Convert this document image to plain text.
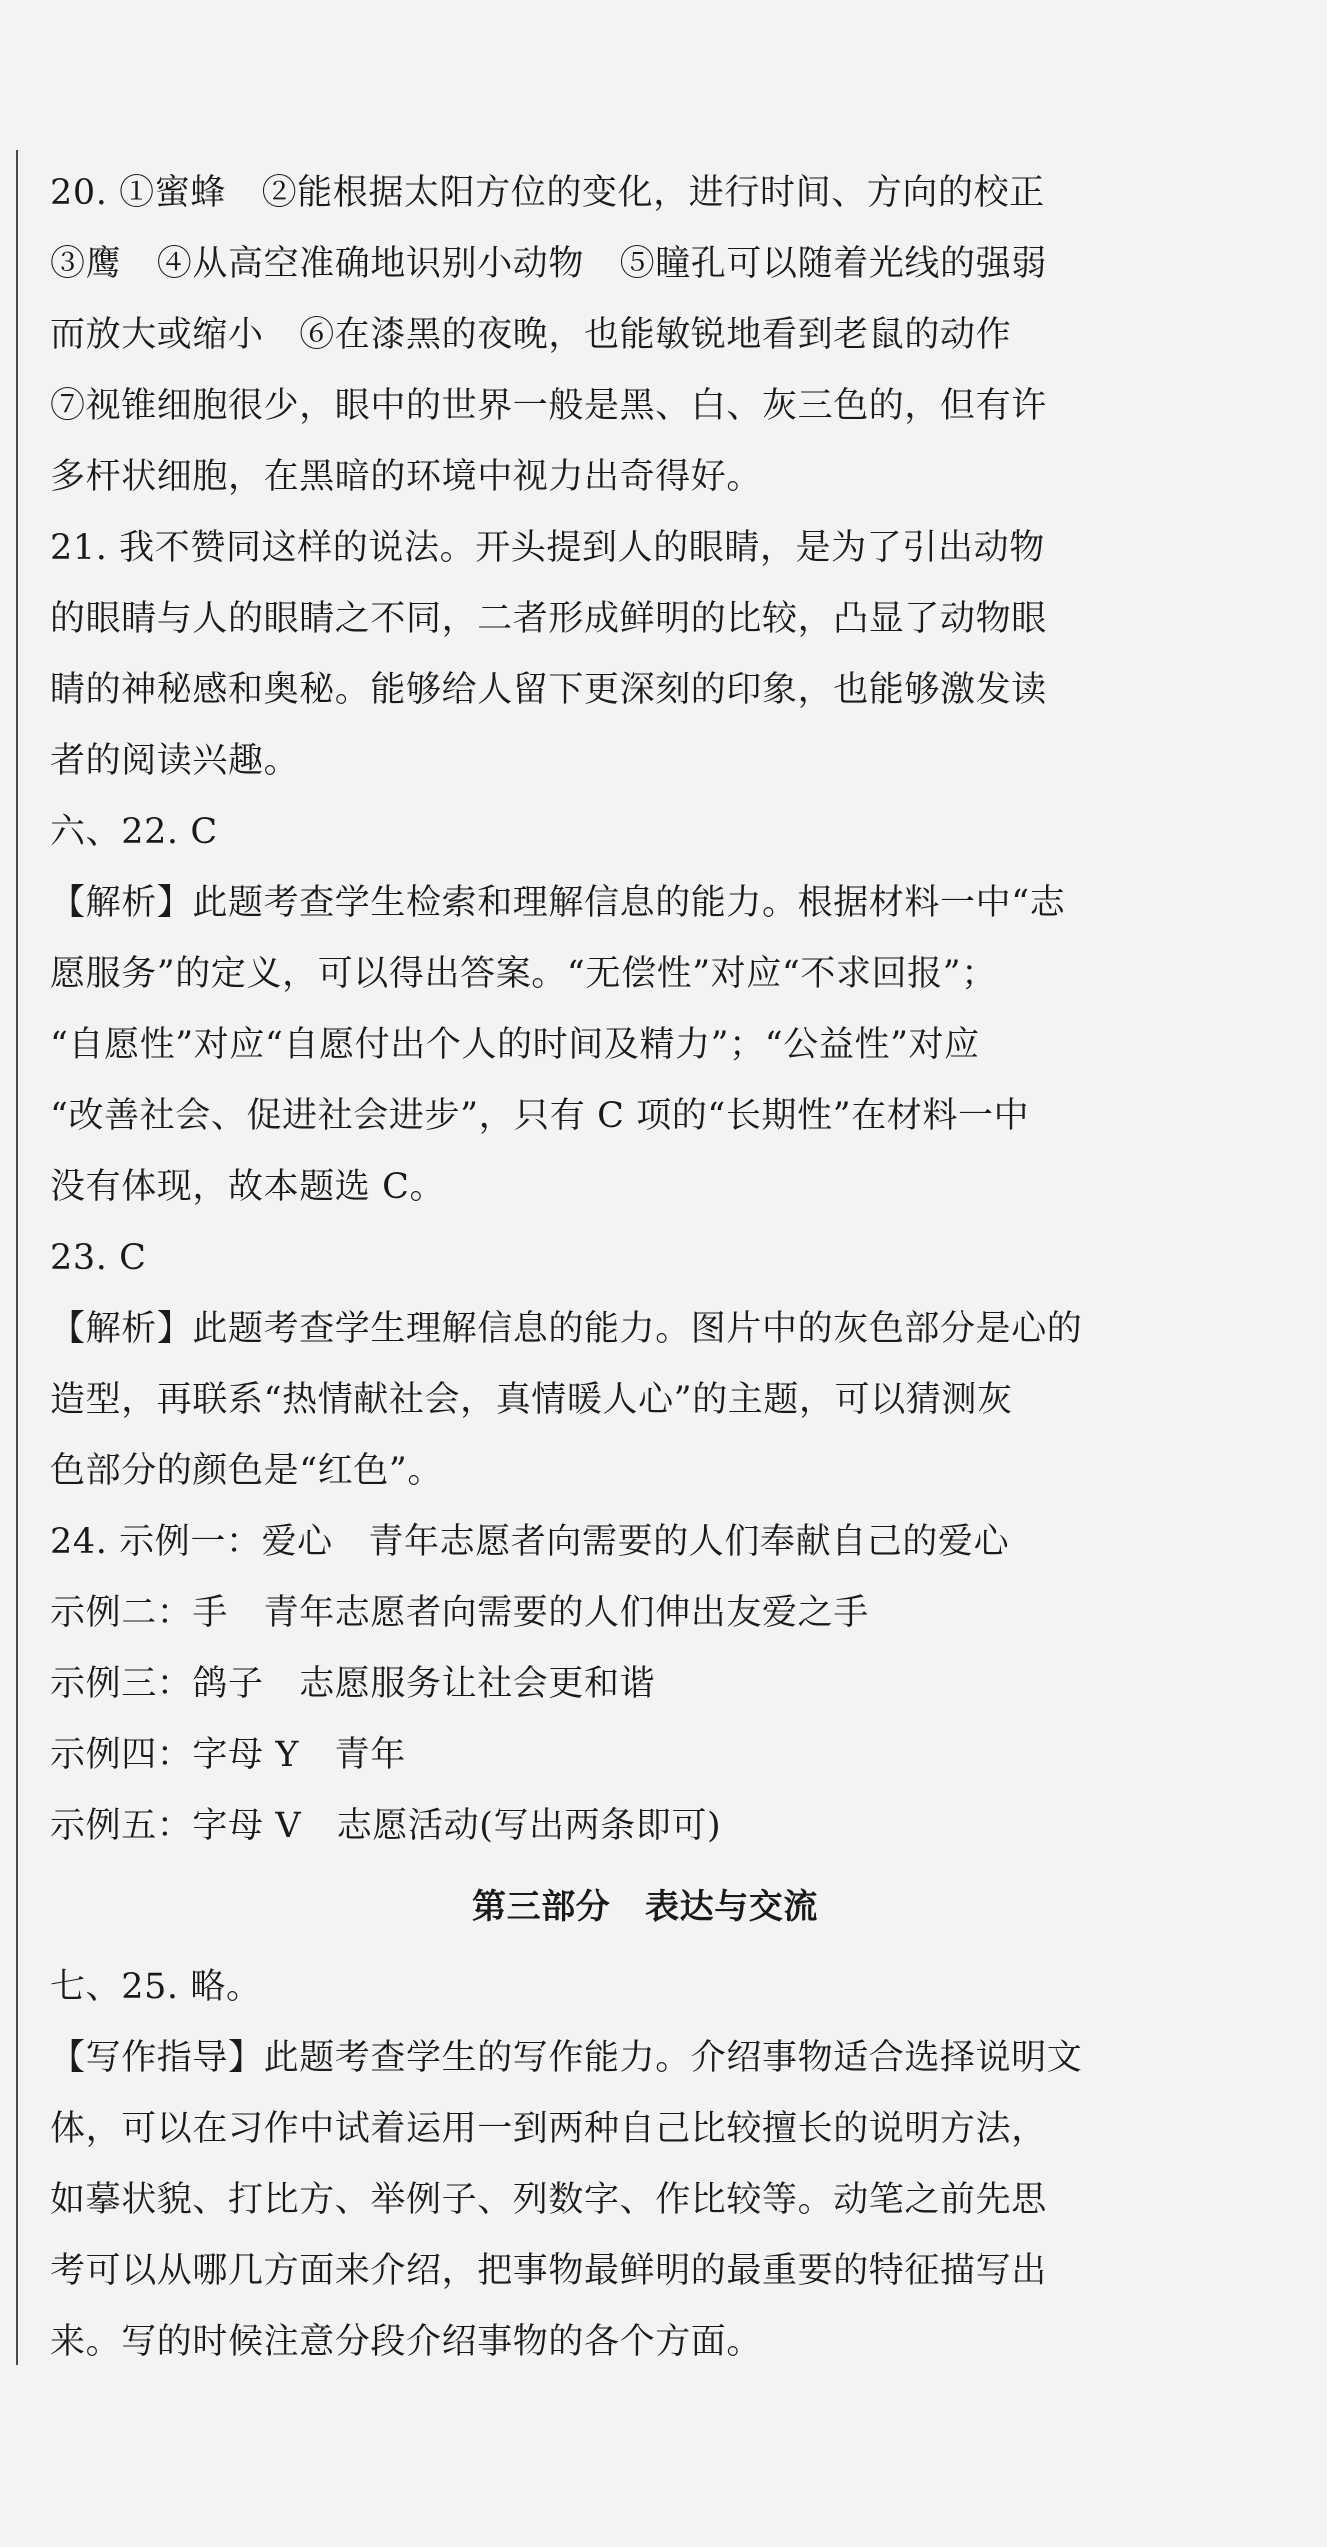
20. ①蜜蜂　②能根据太阳方位的变化，进行时间、方向的校正
③鹰　④从高空准确地识别小动物　⑤瞳孔可以随着光线的强弱
而放大或缩小　⑥在漆黑的夜晚，也能敏锐地看到老鼠的动作
⑦视锥细胞很少，眼中的世界一般是黑、白、灰三色的，但有许
多杆状细胞，在黑暗的环境中视力出奇得好。
21. 我不赞同这样的说法。开头提到人的眼睛，是为了引出动物
的眼睛与人的眼睛之不同，二者形成鲜明的比较，凸显了动物眼
睛的神秘感和奥秘。能够给人留下更深刻的印象，也能够激发读
者的阅读兴趣。
六、22. C
【解析】此题考查学生检索和理解信息的能力。根据材料一中“志
愿服务”的定义，可以得出答案。“无偿性”对应“不求回报”；
“自愿性”对应“自愿付出个人的时间及精力”；“公益性”对应
“改善社会、促进社会进步”，只有 C 项的“长期性”在材料一中
没有体现，故本题选 C。
23. C
【解析】此题考查学生理解信息的能力。图片中的灰色部分是心的
造型，再联系“热情献社会，真情暖人心”的主题，可以猜测灰
色部分的颜色是“红色”。
24. 示例一：爱心　青年志愿者向需要的人们奉献自己的爱心
示例二：手　青年志愿者向需要的人们伸出友爱之手
示例三：鸽子　志愿服务让社会更和谐
示例四：字母 Y　青年
示例五：字母 V　志愿活动(写出两条即可)
第三部分　表达与交流
七、25. 略。
【写作指导】此题考查学生的写作能力。介绍事物适合选择说明文
体，可以在习作中试着运用一到两种自己比较擅长的说明方法，
如摹状貌、打比方、举例子、列数字、作比较等。动笔之前先思
考可以从哪几方面来介绍，把事物最鲜明的最重要的特征描写出
来。写的时候注意分段介绍事物的各个方面。
